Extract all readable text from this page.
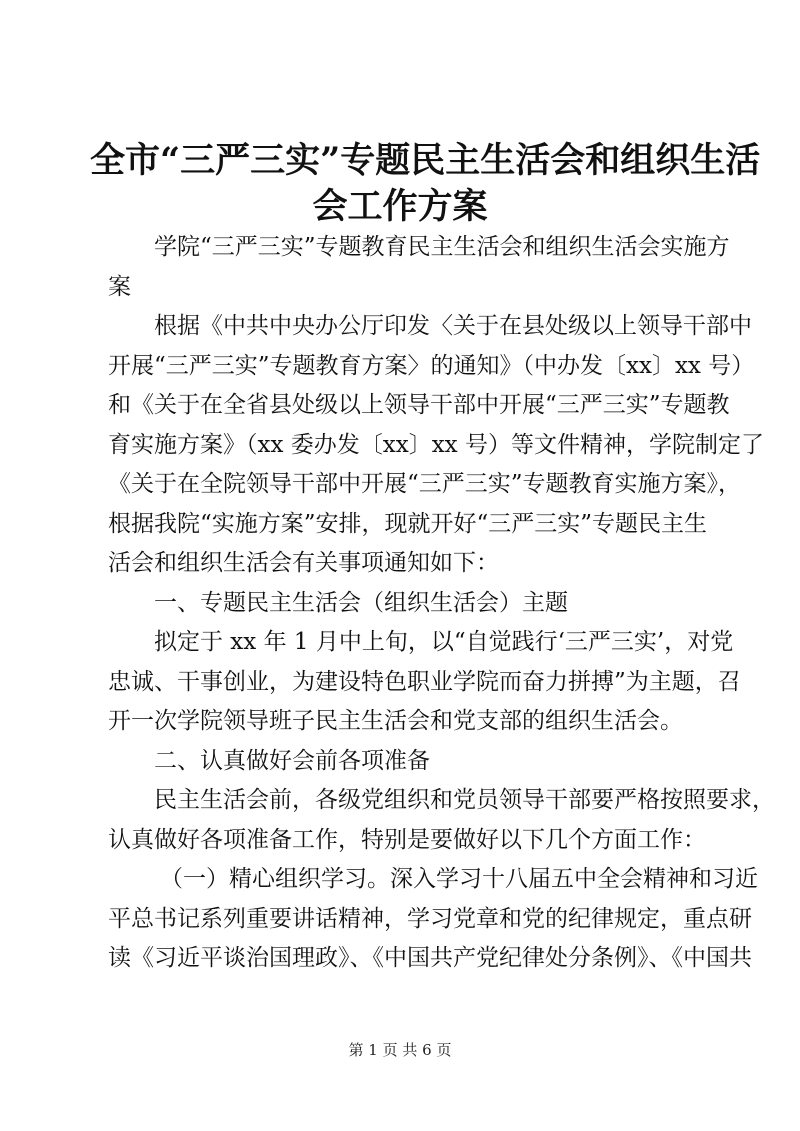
全市“三严三实”专题民主生活会和组织生活
会工作方案
学院“三严三实”专题教育民主生活会和组织生活会实施方
案
根据《中共中央办公厅印发〈关于在县处级以上领导干部中
开展“三严三实”专题教育方案〉的通知》（中办发〔xx〕xx 号）
和《关于在全省县处级以上领导干部中开展“三严三实”专题教
育实施方案》（xx 委办发〔xx〕xx 号）等文件精神，学院制定了
《关于在全院领导干部中开展“三严三实”专题教育实施方案》，
根据我院“实施方案”安排，现就开好“三严三实”专题民主生
活会和组织生活会有关事项通知如下：
一、专题民主生活会（组织生活会）主题
拟定于 xx 年 1 月中上旬，以“自觉践行‘三严三实’，对党
忠诚、干事创业，为建设特色职业学院而奋力拼搏”为主题，召
开一次学院领导班子民主生活会和党支部的组织生活会。
二、认真做好会前各项准备
民主生活会前，各级党组织和党员领导干部要严格按照要求，
认真做好各项准备工作，特别是要做好以下几个方面工作：
（一）精心组织学习。深入学习十八届五中全会精神和习近
平总书记系列重要讲话精神，学习党章和党的纪律规定，重点研
读《习近平谈治国理政》、《中国共产党纪律处分条例》、《中国共
第 1 页 共 6 页
